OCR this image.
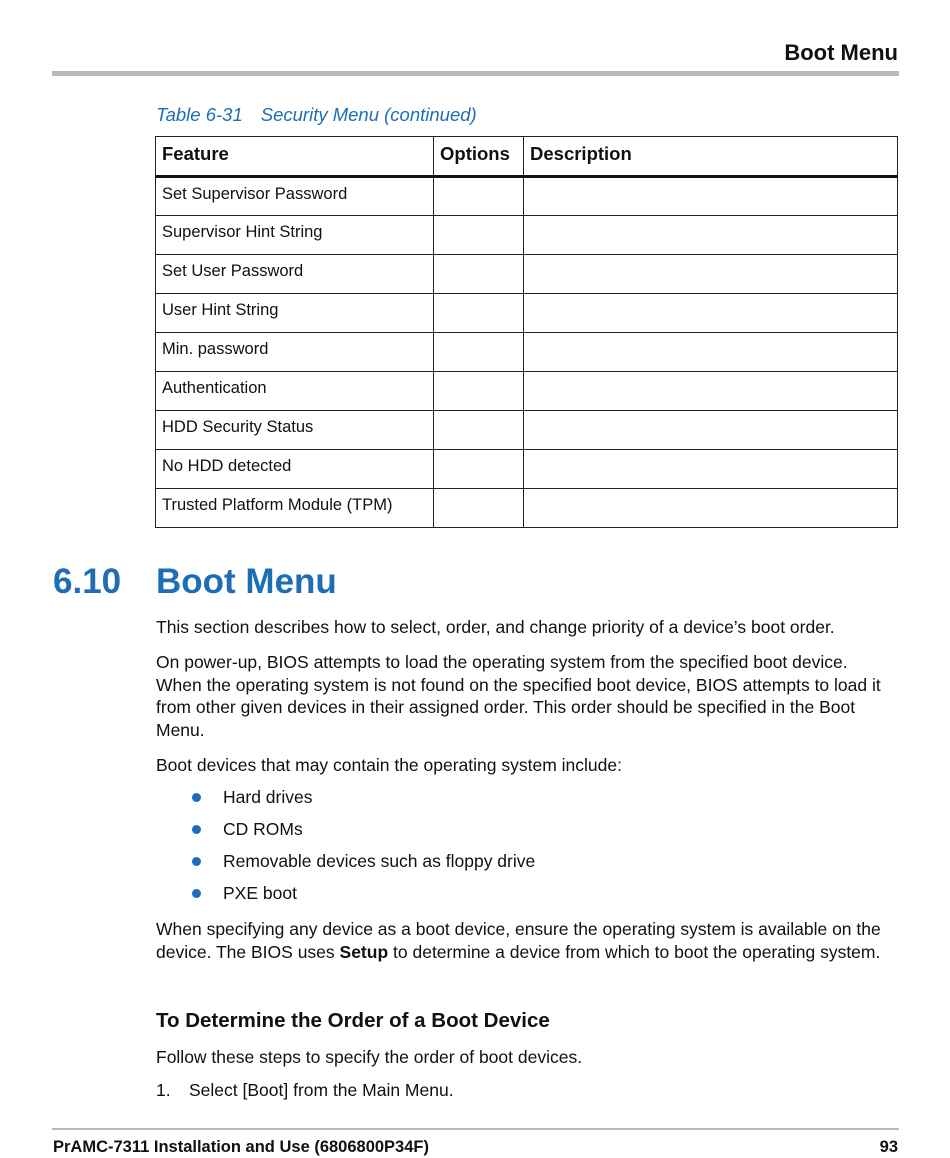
Boot Menu
Table 6-31 Security Menu (continued)
Feature	Options	Description
Set Supervisor Password		
Supervisor Hint String		
Set User Password		
User Hint String		
Min. password		
Authentication		
HDD Security Status		
No HDD detected		
Trusted Platform Module (TPM)		
6.10 Boot Menu
This section describes how to select, order, and change priority of a device’s boot order.
On power-up, BIOS attempts to load the operating system from the specified boot device. When the operating system is not found on the specified boot device, BIOS attempts to load it from other given devices in their assigned order. This order should be specified in the Boot Menu.
Boot devices that may contain the operating system include:
Hard drives
CD ROMs
Removable devices such as floppy drive
PXE boot
When specifying any device as a boot device, ensure the operating system is available on the device. The BIOS uses Setup to determine a device from which to boot the operating system.
To Determine the Order of a Boot Device
Follow these steps to specify the order of boot devices.
1. Select [Boot] from the Main Menu.
PrAMC-7311 Installation and Use (6806800P34F)	93
